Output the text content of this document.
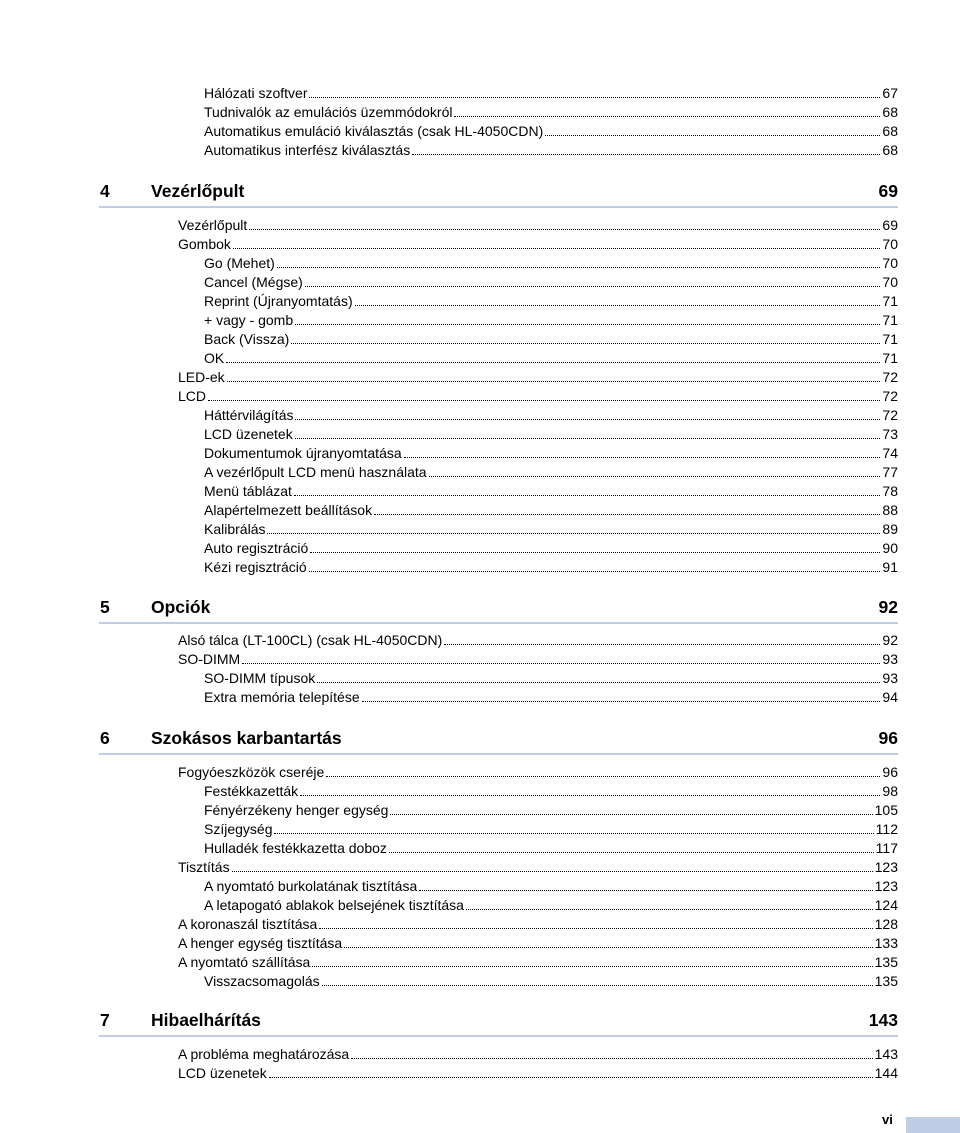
Hálózati szoftver	67
Tudnivalók az emulációs üzemmódokról	68
Automatikus emuláció kiválasztás (csak HL-4050CDN)	68
Automatikus interfész kiválasztás	68
4 Vezérlőpult	69
Vezérlőpult	69
Gombok	70
Go (Mehet)	70
Cancel (Mégse)	70
Reprint (Újranyomtatás)	71
+ vagy - gomb	71
Back (Vissza)	71
OK	71
LED-ek	72
LCD	72
Háttérvilágítás	72
LCD üzenetek	73
Dokumentumok újranyomtatása	74
A vezérlőpult LCD menü használata	77
Menü táblázat	78
Alapértelmezett beállítások	88
Kalibrálás	89
Auto regisztráció	90
Kézi regisztráció	91
5 Opciók	92
Alsó tálca (LT-100CL) (csak HL-4050CDN)	92
SO-DIMM	93
SO-DIMM típusok	93
Extra memória telepítése	94
6 Szokásos karbantartás	96
Fogyóeszközök cseréje	96
Festékkazetták	98
Fényérzékeny henger egység	105
Szíjegység	112
Hulladék festékkazetta doboz	117
Tisztítás	123
A nyomtató burkolatának tisztítása	123
A letapogató ablakok belsejének tisztítása	124
A koronaszál tisztítása	128
A henger egység tisztítása	133
A nyomtató szállítása	135
Visszacsomagolás	135
7 Hibaelhárítás	143
A probléma meghatározása	143
LCD üzenetek	144
vi
